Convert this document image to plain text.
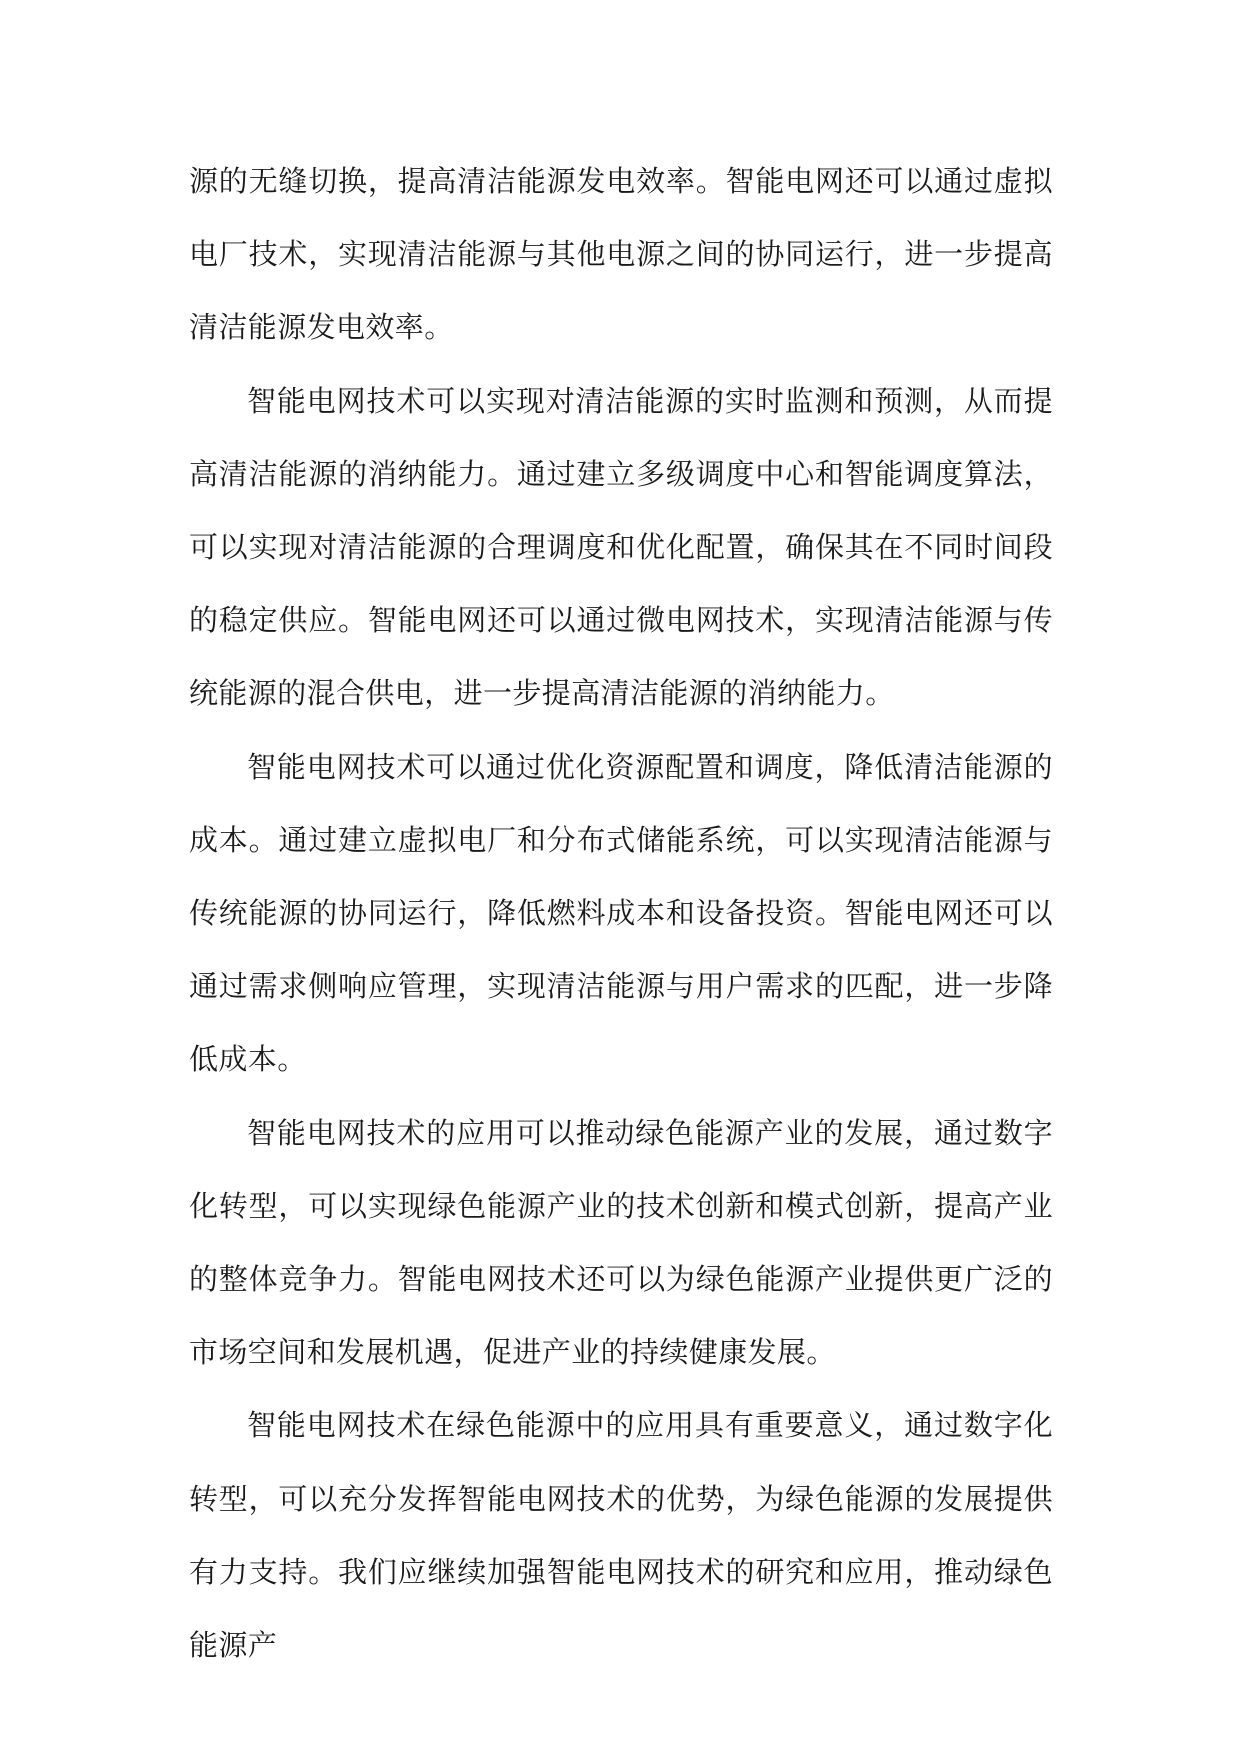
源的无缝切换，提高清洁能源发电效率。智能电网还可以通过虚拟电厂技术，实现清洁能源与其他电源之间的协同运行，进一步提高清洁能源发电效率。

智能电网技术可以实现对清洁能源的实时监测和预测，从而提高清洁能源的消纳能力。通过建立多级调度中心和智能调度算法，可以实现对清洁能源的合理调度和优化配置，确保其在不同时间段的稳定供应。智能电网还可以通过微电网技术，实现清洁能源与传统能源的混合供电，进一步提高清洁能源的消纳能力。

智能电网技术可以通过优化资源配置和调度，降低清洁能源的成本。通过建立虚拟电厂和分布式储能系统，可以实现清洁能源与传统能源的协同运行，降低燃料成本和设备投资。智能电网还可以通过需求侧响应管理，实现清洁能源与用户需求的匹配，进一步降低成本。

智能电网技术的应用可以推动绿色能源产业的发展，通过数字化转型，可以实现绿色能源产业的技术创新和模式创新，提高产业的整体竞争力。智能电网技术还可以为绿色能源产业提供更广泛的市场空间和发展机遇，促进产业的持续健康发展。

智能电网技术在绿色能源中的应用具有重要意义，通过数字化转型，可以充分发挥智能电网技术的优势，为绿色能源的发展提供有力支持。我们应继续加强智能电网技术的研究和应用，推动绿色能源产
